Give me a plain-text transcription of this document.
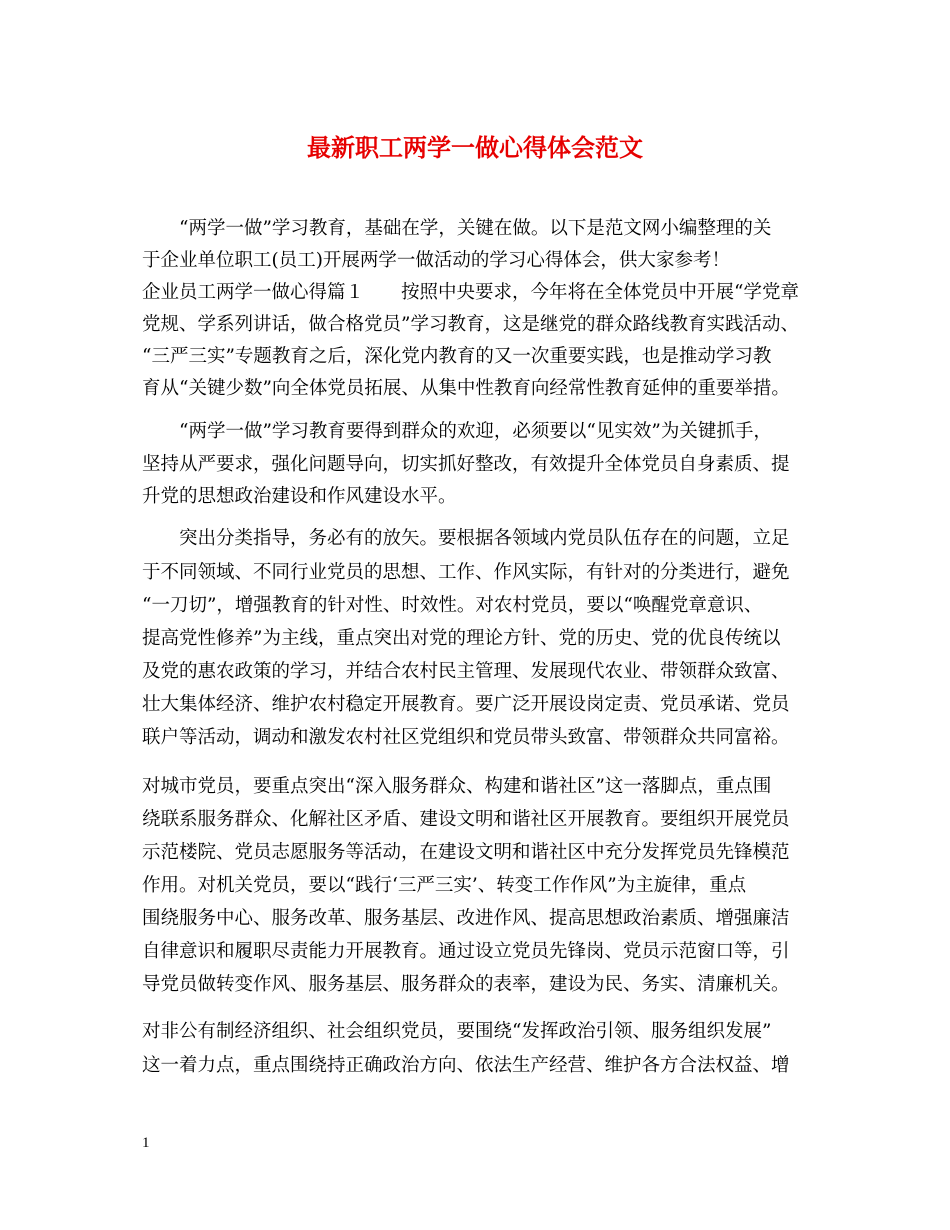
最新职工两学一做心得体会范文
　　“两学一做”学习教育，基础在学，关键在做。以下是范文网小编整理的关
于企业单位职工(员工)开展两学一做活动的学习心得体会，供大家参考！
企业员工两学一做心得篇１　　按照中央要求，今年将在全体党员中开展“学党章
党规、学系列讲话，做合格党员”学习教育，这是继党的群众路线教育实践活动、
“三严三实”专题教育之后，深化党内教育的又一次重要实践，也是推动学习教
育从“关键少数”向全体党员拓展、从集中性教育向经常性教育延伸的重要举措。
　　“两学一做”学习教育要得到群众的欢迎，必须要以“见实效”为关键抓手，
坚持从严要求，强化问题导向，切实抓好整改，有效提升全体党员自身素质、提
升党的思想政治建设和作风建设水平。
　　突出分类指导，务必有的放矢。要根据各领域内党员队伍存在的问题，立足
于不同领域、不同行业党员的思想、工作、作风实际，有针对的分类进行，避免
“一刀切”，增强教育的针对性、时效性。对农村党员，要以“唤醒党章意识、
提高党性修养”为主线，重点突出对党的理论方针、党的历史、党的优良传统以
及党的惠农政策的学习，并结合农村民主管理、发展现代农业、带领群众致富、
壮大集体经济、维护农村稳定开展教育。要广泛开展设岗定责、党员承诺、党员
联户等活动，调动和激发农村社区党组织和党员带头致富、带领群众共同富裕。
对城市党员，要重点突出“深入服务群众、构建和谐社区”这一落脚点，重点围
绕联系服务群众、化解社区矛盾、建设文明和谐社区开展教育。要组织开展党员
示范楼院、党员志愿服务等活动，在建设文明和谐社区中充分发挥党员先锋模范
作用。对机关党员，要以“践行‘三严三实’、转变工作作风”为主旋律，重点
围绕服务中心、服务改革、服务基层、改进作风、提高思想政治素质、增强廉洁
自律意识和履职尽责能力开展教育。通过设立党员先锋岗、党员示范窗口等，引
导党员做转变作风、服务基层、服务群众的表率，建设为民、务实、清廉机关。
对非公有制经济组织、社会组织党员，要围绕“发挥政治引领、服务组织发展”
这一着力点，重点围绕持正确政治方向、依法生产经营、维护各方合法权益、增
1
